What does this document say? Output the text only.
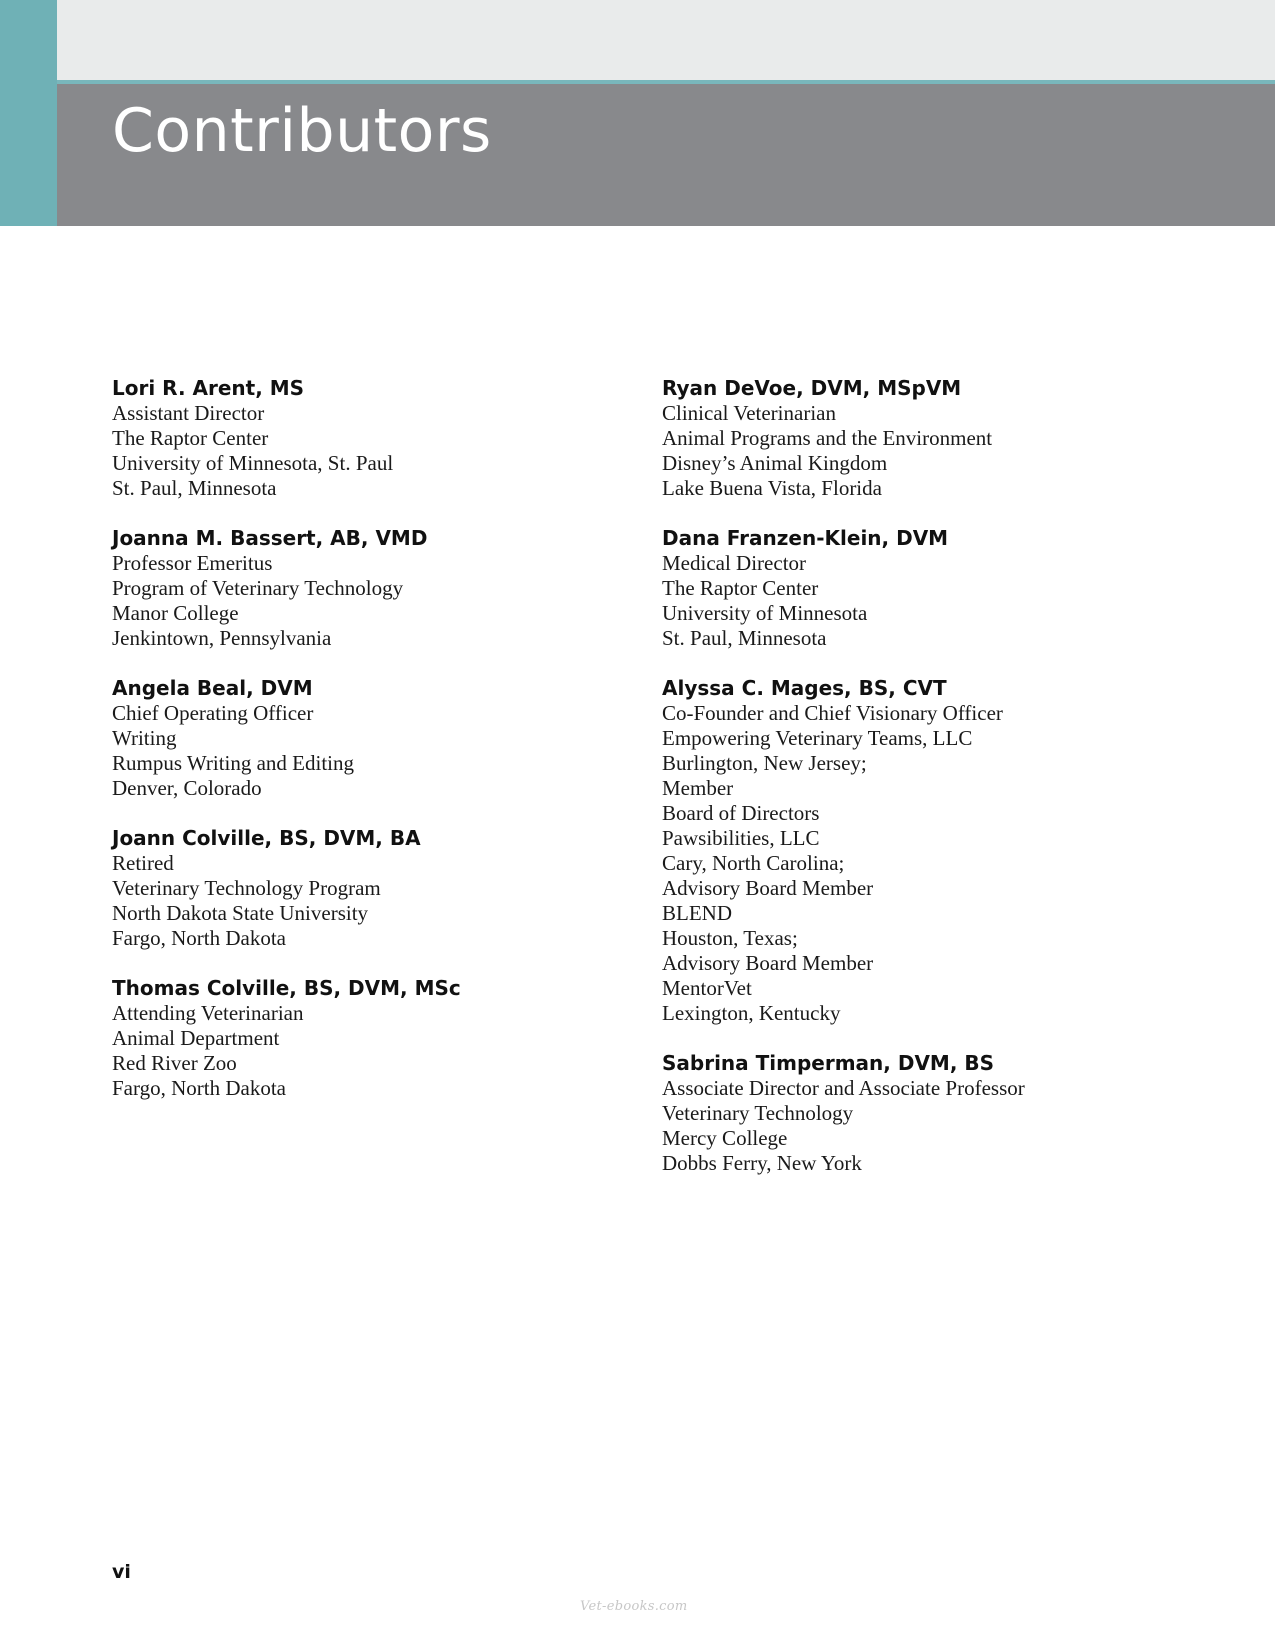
Contributors
Lori R. Arent, MS
Assistant Director
The Raptor Center
University of Minnesota, St. Paul
St. Paul, Minnesota
Joanna M. Bassert, AB, VMD
Professor Emeritus
Program of Veterinary Technology
Manor College
Jenkintown, Pennsylvania
Angela Beal, DVM
Chief Operating Officer
Writing
Rumpus Writing and Editing
Denver, Colorado
Joann Colville, BS, DVM, BA
Retired
Veterinary Technology Program
North Dakota State University
Fargo, North Dakota
Thomas Colville, BS, DVM, MSc
Attending Veterinarian
Animal Department
Red River Zoo
Fargo, North Dakota
Ryan DeVoe, DVM, MSpVM
Clinical Veterinarian
Animal Programs and the Environment
Disney’s Animal Kingdom
Lake Buena Vista, Florida
Dana Franzen-Klein, DVM
Medical Director
The Raptor Center
University of Minnesota
St. Paul, Minnesota
Alyssa C. Mages, BS, CVT
Co-Founder and Chief Visionary Officer
Empowering Veterinary Teams, LLC
Burlington, New Jersey;
Member
Board of Directors
Pawsibilities, LLC
Cary, North Carolina;
Advisory Board Member
BLEND
Houston, Texas;
Advisory Board Member
MentorVet
Lexington, Kentucky
Sabrina Timperman, DVM, BS
Associate Director and Associate Professor
Veterinary Technology
Mercy College
Dobbs Ferry, New York
vi
Vet-ebooks.com
